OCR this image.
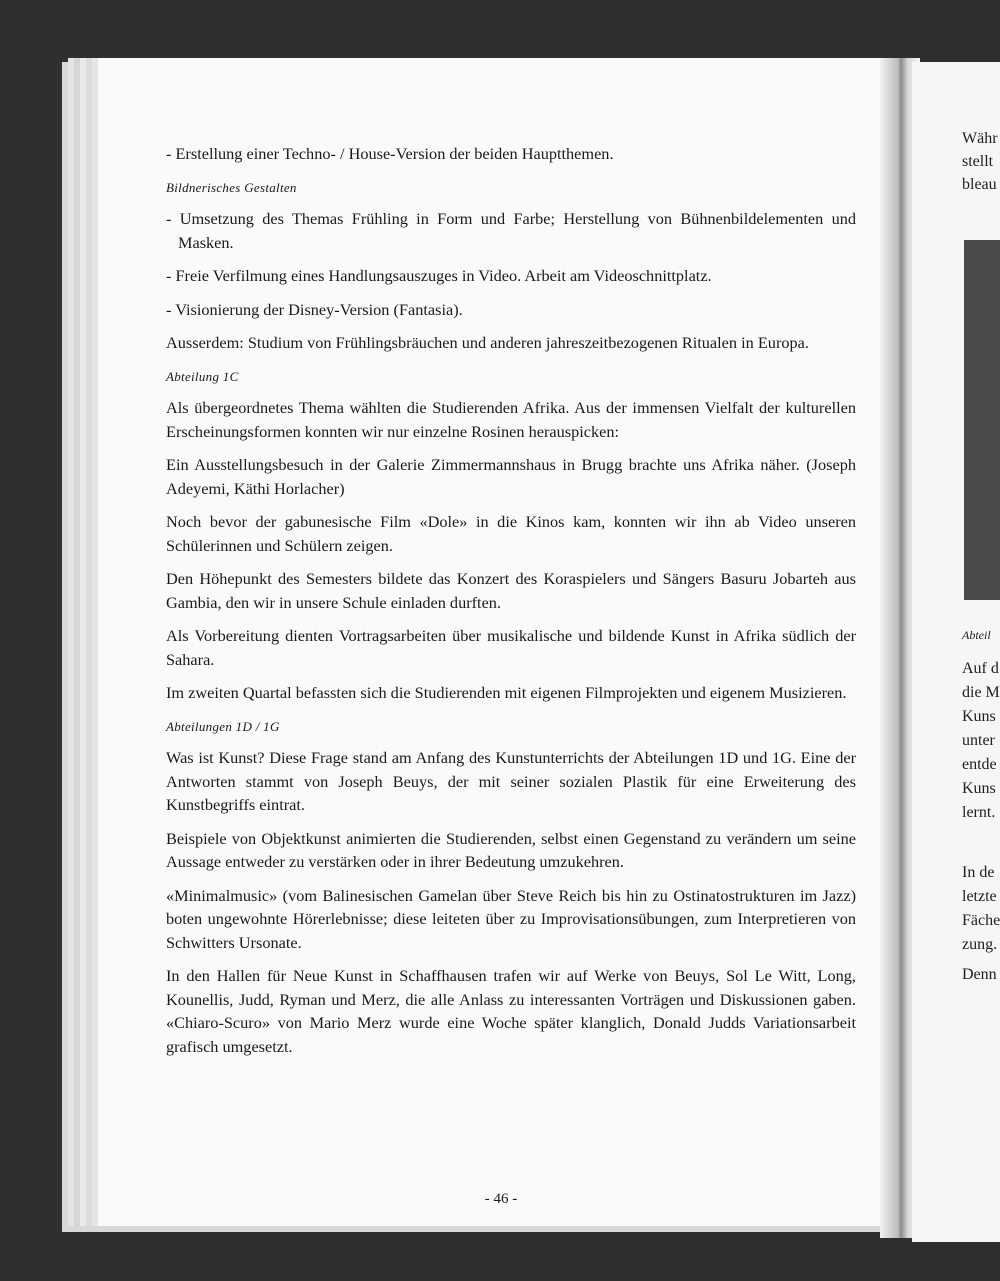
- 46 -
Währ
stellt
bleau
Abteil
Auf d
die M
Kuns
unter
entde
Kuns
lernt.
In de
letzte
Fäche
zung.
Denn

- Erstellung einer Techno- / House-Version der beiden Hauptthemen.

Bildnerisches Gestalten

- Umsetzung des Themas Frühling in Form und Farbe; Herstellung von Bühnenbildelementen und Masken.

- Freie Verfilmung eines Handlungsauszuges in Video. Arbeit am Videoschnittplatz.

- Visionierung der Disney-Version (Fantasia).

Ausserdem: Studium von Frühlingsbräuchen und anderen jahreszeitbezogenen Ritualen in Europa.

Abteilung 1C

Als übergeordnetes Thema wählten die Studierenden Afrika. Aus der immensen Vielfalt der kulturellen Erscheinungsformen konnten wir nur einzelne Rosinen herauspicken:

Ein Ausstellungsbesuch in der Galerie Zimmermannshaus in Brugg brachte uns Afrika näher. (Joseph Adeyemi, Käthi Horlacher)

Noch bevor der gabunesische Film «Dole» in die Kinos kam, konnten wir ihn ab Video unseren Schülerinnen und Schülern zeigen.

Den Höhepunkt des Semesters bildete das Konzert des Koraspielers und Sängers Basuru Jobarteh aus Gambia, den wir in unsere Schule einladen durften.

Als Vorbereitung dienten Vortragsarbeiten über musikalische und bildende Kunst in Afrika südlich der Sahara.

Im zweiten Quartal befassten sich die Studierenden mit eigenen Filmprojekten und eigenem Musizieren.

Abteilungen 1D / 1G

Was ist Kunst? Diese Frage stand am Anfang des Kunstunterrichts der Abteilungen 1D und 1G. Eine der Antworten stammt von Joseph Beuys, der mit seiner sozialen Plastik für eine Erweiterung des Kunstbegriffs eintrat.

Beispiele von Objektkunst animierten die Studierenden, selbst einen Gegenstand zu verändern um seine Aussage entweder zu verstärken oder in ihrer Bedeutung umzukehren.

«Minimalmusic» (vom Balinesischen Gamelan über Steve Reich bis hin zu Ostinatostrukturen im Jazz) boten ungewohnte Hörerlebnisse; diese leiteten über zu Improvisationsübungen, zum Interpretieren von Schwitters Ursonate.

In den Hallen für Neue Kunst in Schaffhausen trafen wir auf Werke von Beuys, Sol Le Witt, Long, Kounellis, Judd, Ryman und Merz, die alle Anlass zu interessanten Vorträgen und Diskussionen gaben. «Chiaro-Scuro» von Mario Merz wurde eine Woche später klanglich, Donald Judds Variationsarbeit grafisch umgesetzt.
